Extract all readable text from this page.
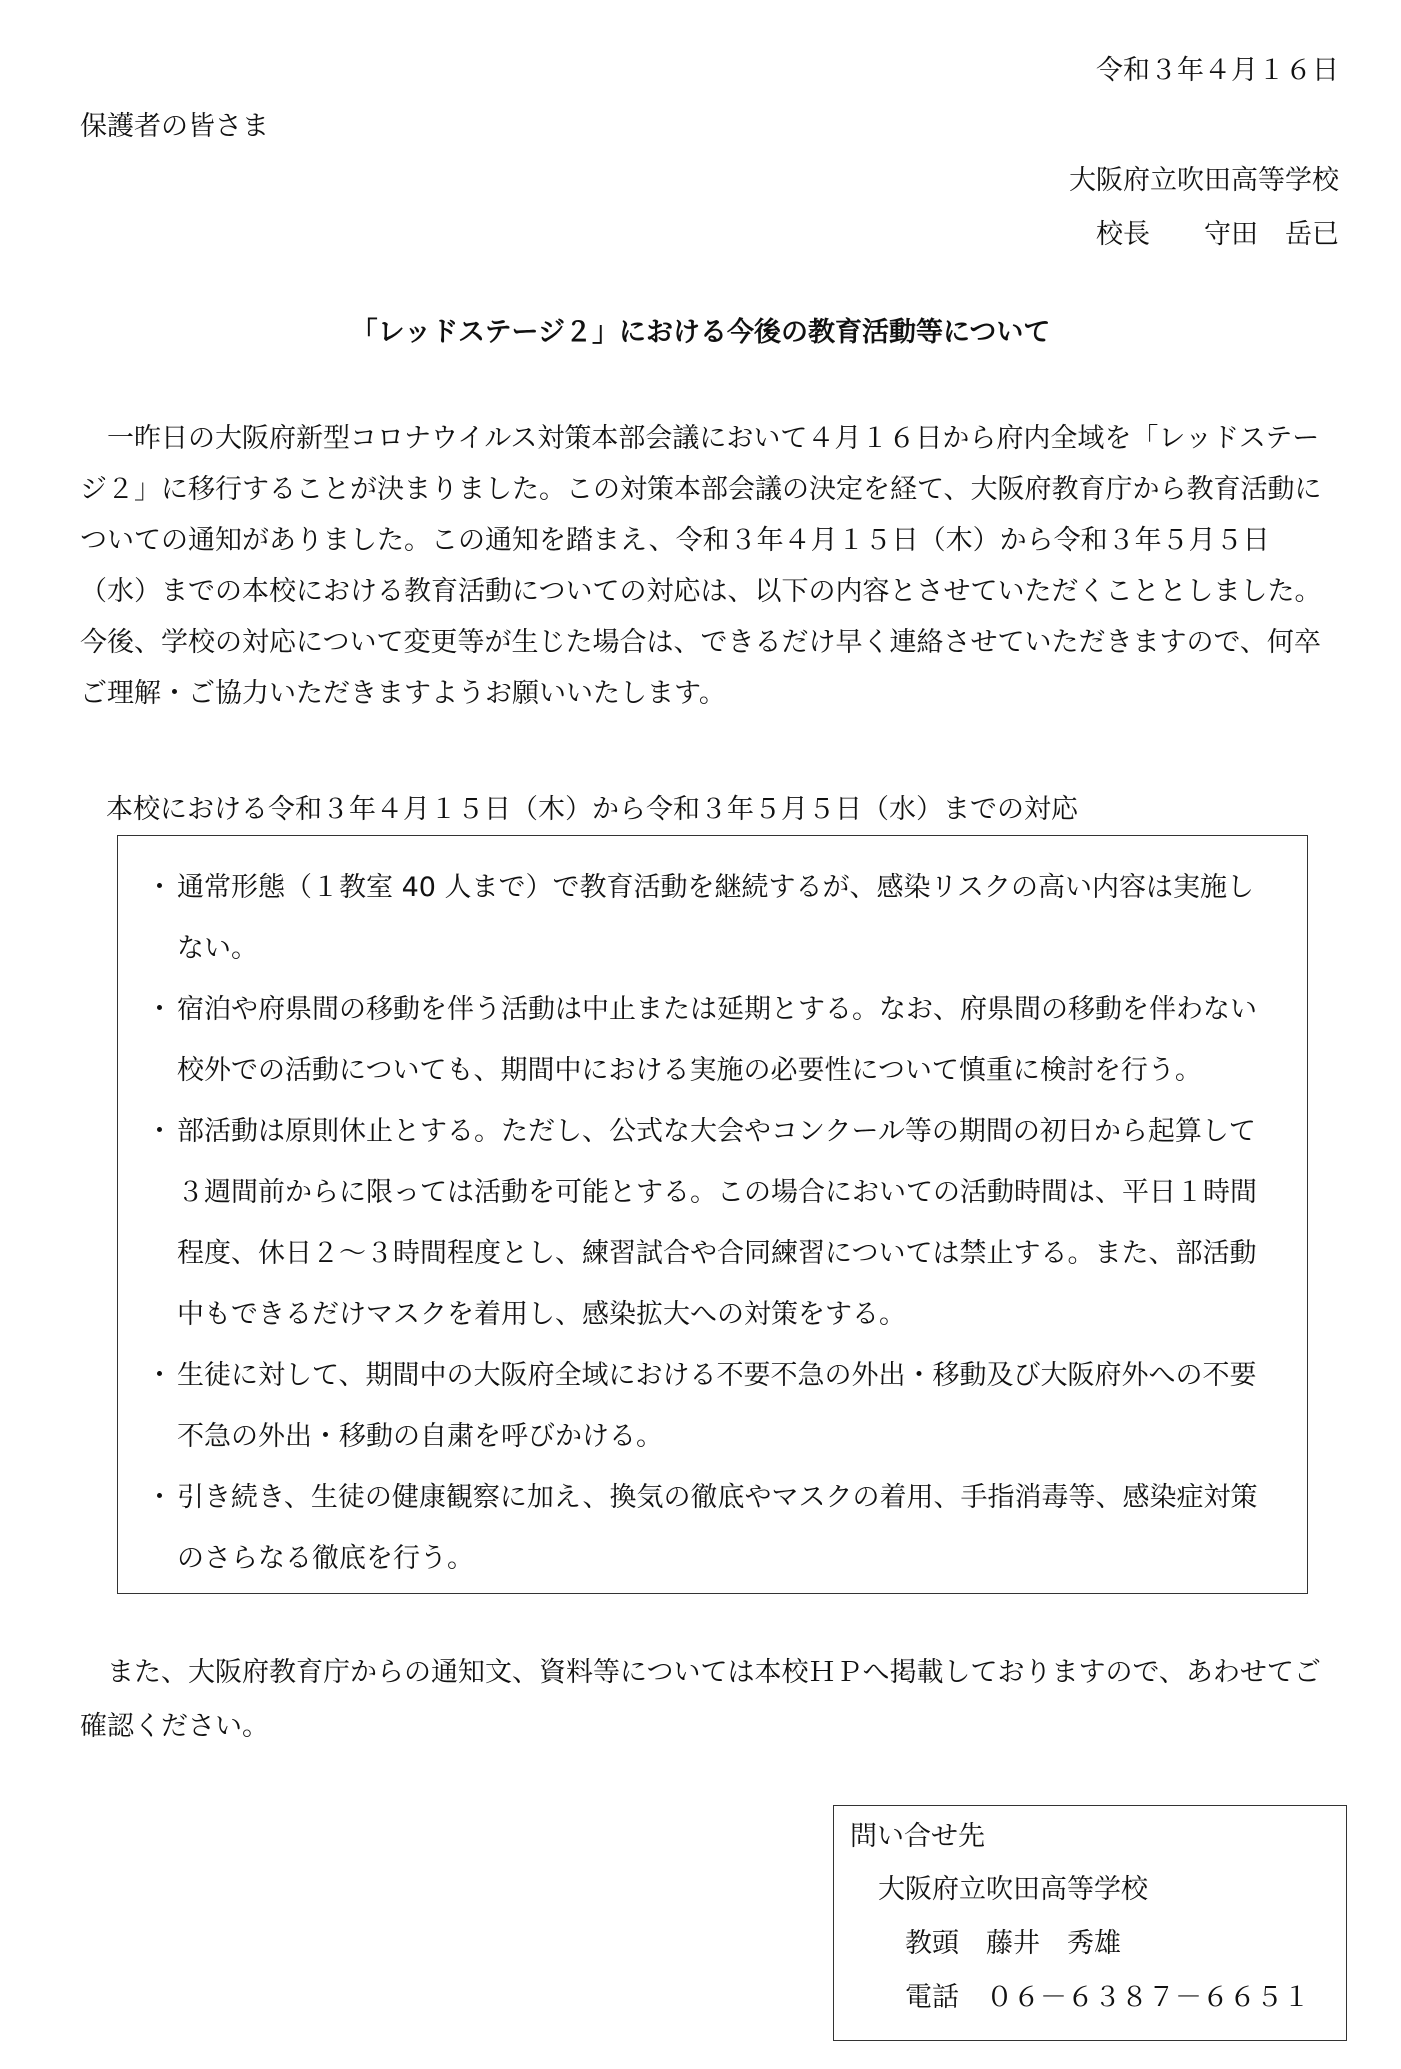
令和３年４月１６日
保護者の皆さま
大阪府立吹田高等学校
校長　　守田　岳已
「レッドステージ２」における今後の教育活動等について
一昨日の大阪府新型コロナウイルス対策本部会議において４月１６日から府内全域を「レッドステージ２」に移行することが決まりました。この対策本部会議の決定を経て、大阪府教育庁から教育活動についての通知がありました。この通知を踏まえ、令和３年４月１５日（木）から令和３年５月５日（水）までの本校における教育活動についての対応は、以下の内容とさせていただくこととしました。今後、学校の対応について変更等が生じた場合は、できるだけ早く連絡させていただきますので、何卒ご理解・ご協力いただきますようお願いいたします。
本校における令和３年４月１５日（木）から令和３年５月５日（水）までの対応
・ 通常形態（１教室 40 人まで）で教育活動を継続するが、感染リスクの高い内容は実施しない。
・ 宿泊や府県間の移動を伴う活動は中止または延期とする。なお、府県間の移動を伴わない校外での活動についても、期間中における実施の必要性について慎重に検討を行う。
・ 部活動は原則休止とする。ただし、公式な大会やコンクール等の期間の初日から起算して３週間前からに限っては活動を可能とする。この場合においての活動時間は、平日１時間程度、休日２～３時間程度とし、練習試合や合同練習については禁止する。また、部活動中もできるだけマスクを着用し、感染拡大への対策をする。
・ 生徒に対して、期間中の大阪府全域における不要不急の外出・移動及び大阪府外への不要不急の外出・移動の自粛を呼びかける。
・ 引き続き、生徒の健康観察に加え、換気の徹底やマスクの着用、手指消毒等、感染症対策のさらなる徹底を行う。
また、大阪府教育庁からの通知文、資料等については本校ＨＰへ掲載しておりますので、あわせてご確認ください。
問い合せ先
大阪府立吹田高等学校
教頭　藤井　秀雄
電話　０６－６３８７－６６５１
